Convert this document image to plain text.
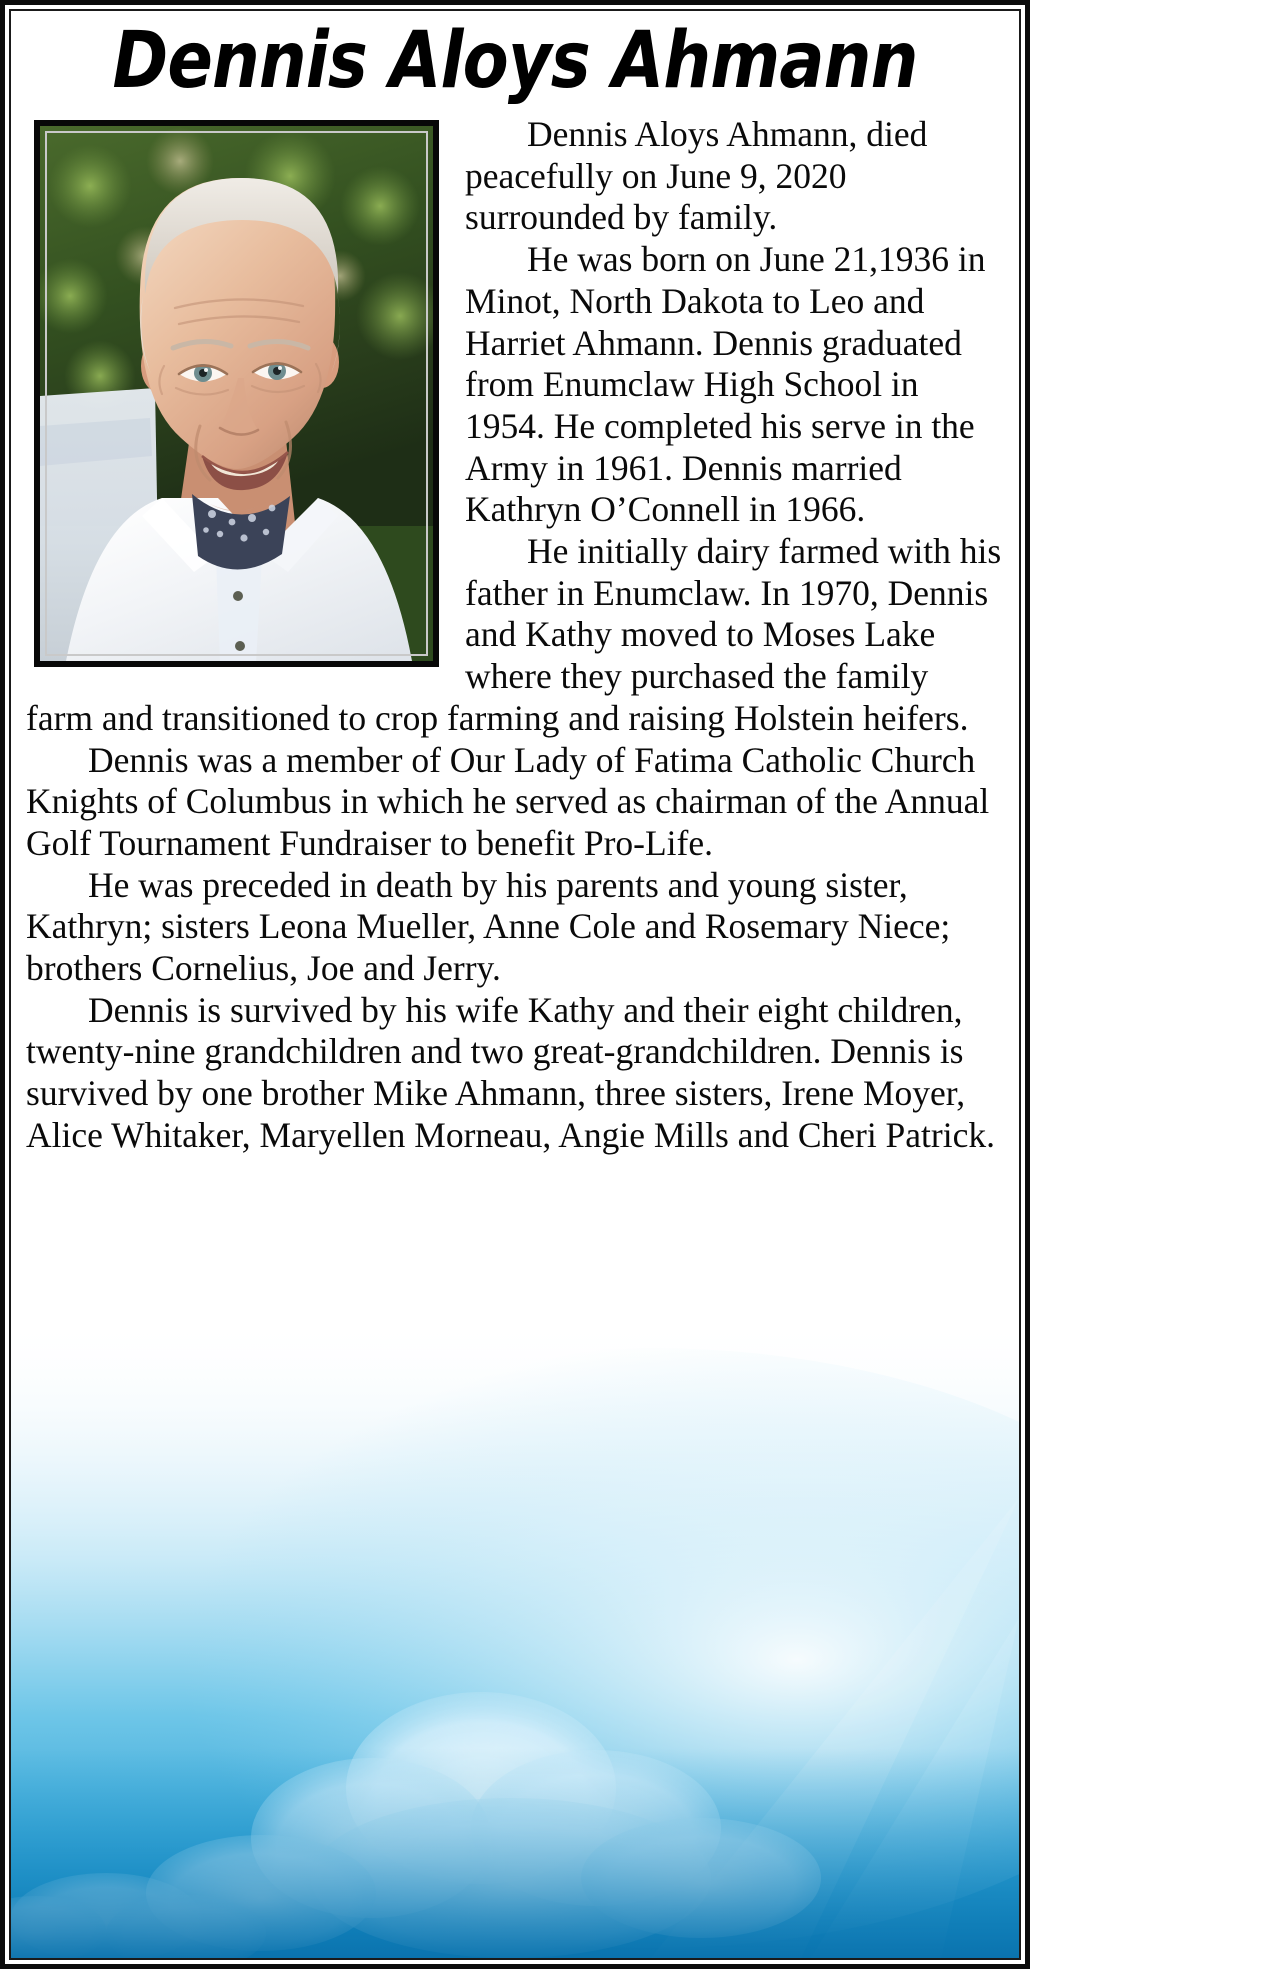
Dennis Aloys Ahmann

Dennis Aloys Ahmann, died peacefully on June 9, 2020 surrounded by family.

He was born on June 21,1936 in Minot, North Dakota to Leo and Harriet Ahmann. Dennis graduated from Enumclaw High School in 1954. He completed his serve in the Army in 1961. Dennis married Kathryn O’Connell in 1966.

He initially dairy farmed with his father in Enumclaw. In 1970, Dennis and Kathy moved to Moses Lake where they purchased the family farm and transitioned to crop farming and raising Holstein heifers.

Dennis was a member of Our Lady of Fatima Catholic Church Knights of Columbus in which he served as chairman of the Annual Golf Tournament Fundraiser to benefit Pro-Life.

He was preceded in death by his parents and young sister, Kathryn; sisters Leona Mueller, Anne Cole and Rosemary Niece; brothers Cornelius, Joe and Jerry.

Dennis is survived by his wife Kathy and their eight children, twenty-nine grandchildren and two great-grandchildren. Dennis is survived by one brother Mike Ahmann, three sisters, Irene Moyer, Alice Whitaker, Maryellen Morneau, Angie Mills and Cheri Patrick.
